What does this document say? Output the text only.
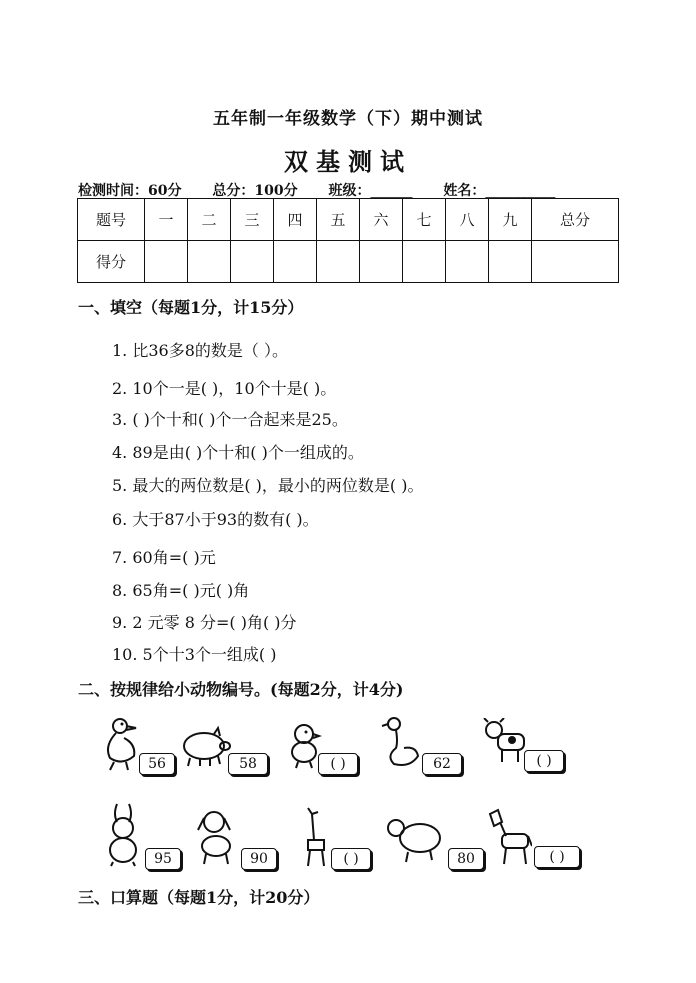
五年制一年级数学（下）期中测试
双基测试
检测时间：60分 总分：100分 班级：______ 姓名：__________
题号	一	二	三	四	五	六	七	八	九	总分
得分										
一、填空（每题1分，计15分）
1. 比36多8的数是（ ）。
2. 10个一是( )，10个十是( )。
3. ( )个十和( )个一合起来是25。
4. 89是由( )个十和( )个一组成的。
5. 最大的两位数是( )，最小的两位数是( )。
6. 大于87小于93的数有( )。
7. 60角=( )元
8. 65角=( )元( )角
9. 2 元零 8 分=( )角( )分
10. 5个十3个一组成( )
二、按规律给小动物编号。(每题2分，计4分)
56	58	( )	62	( )
95	90	( )	80	( )
三、口算题（每题1分，计20分）
